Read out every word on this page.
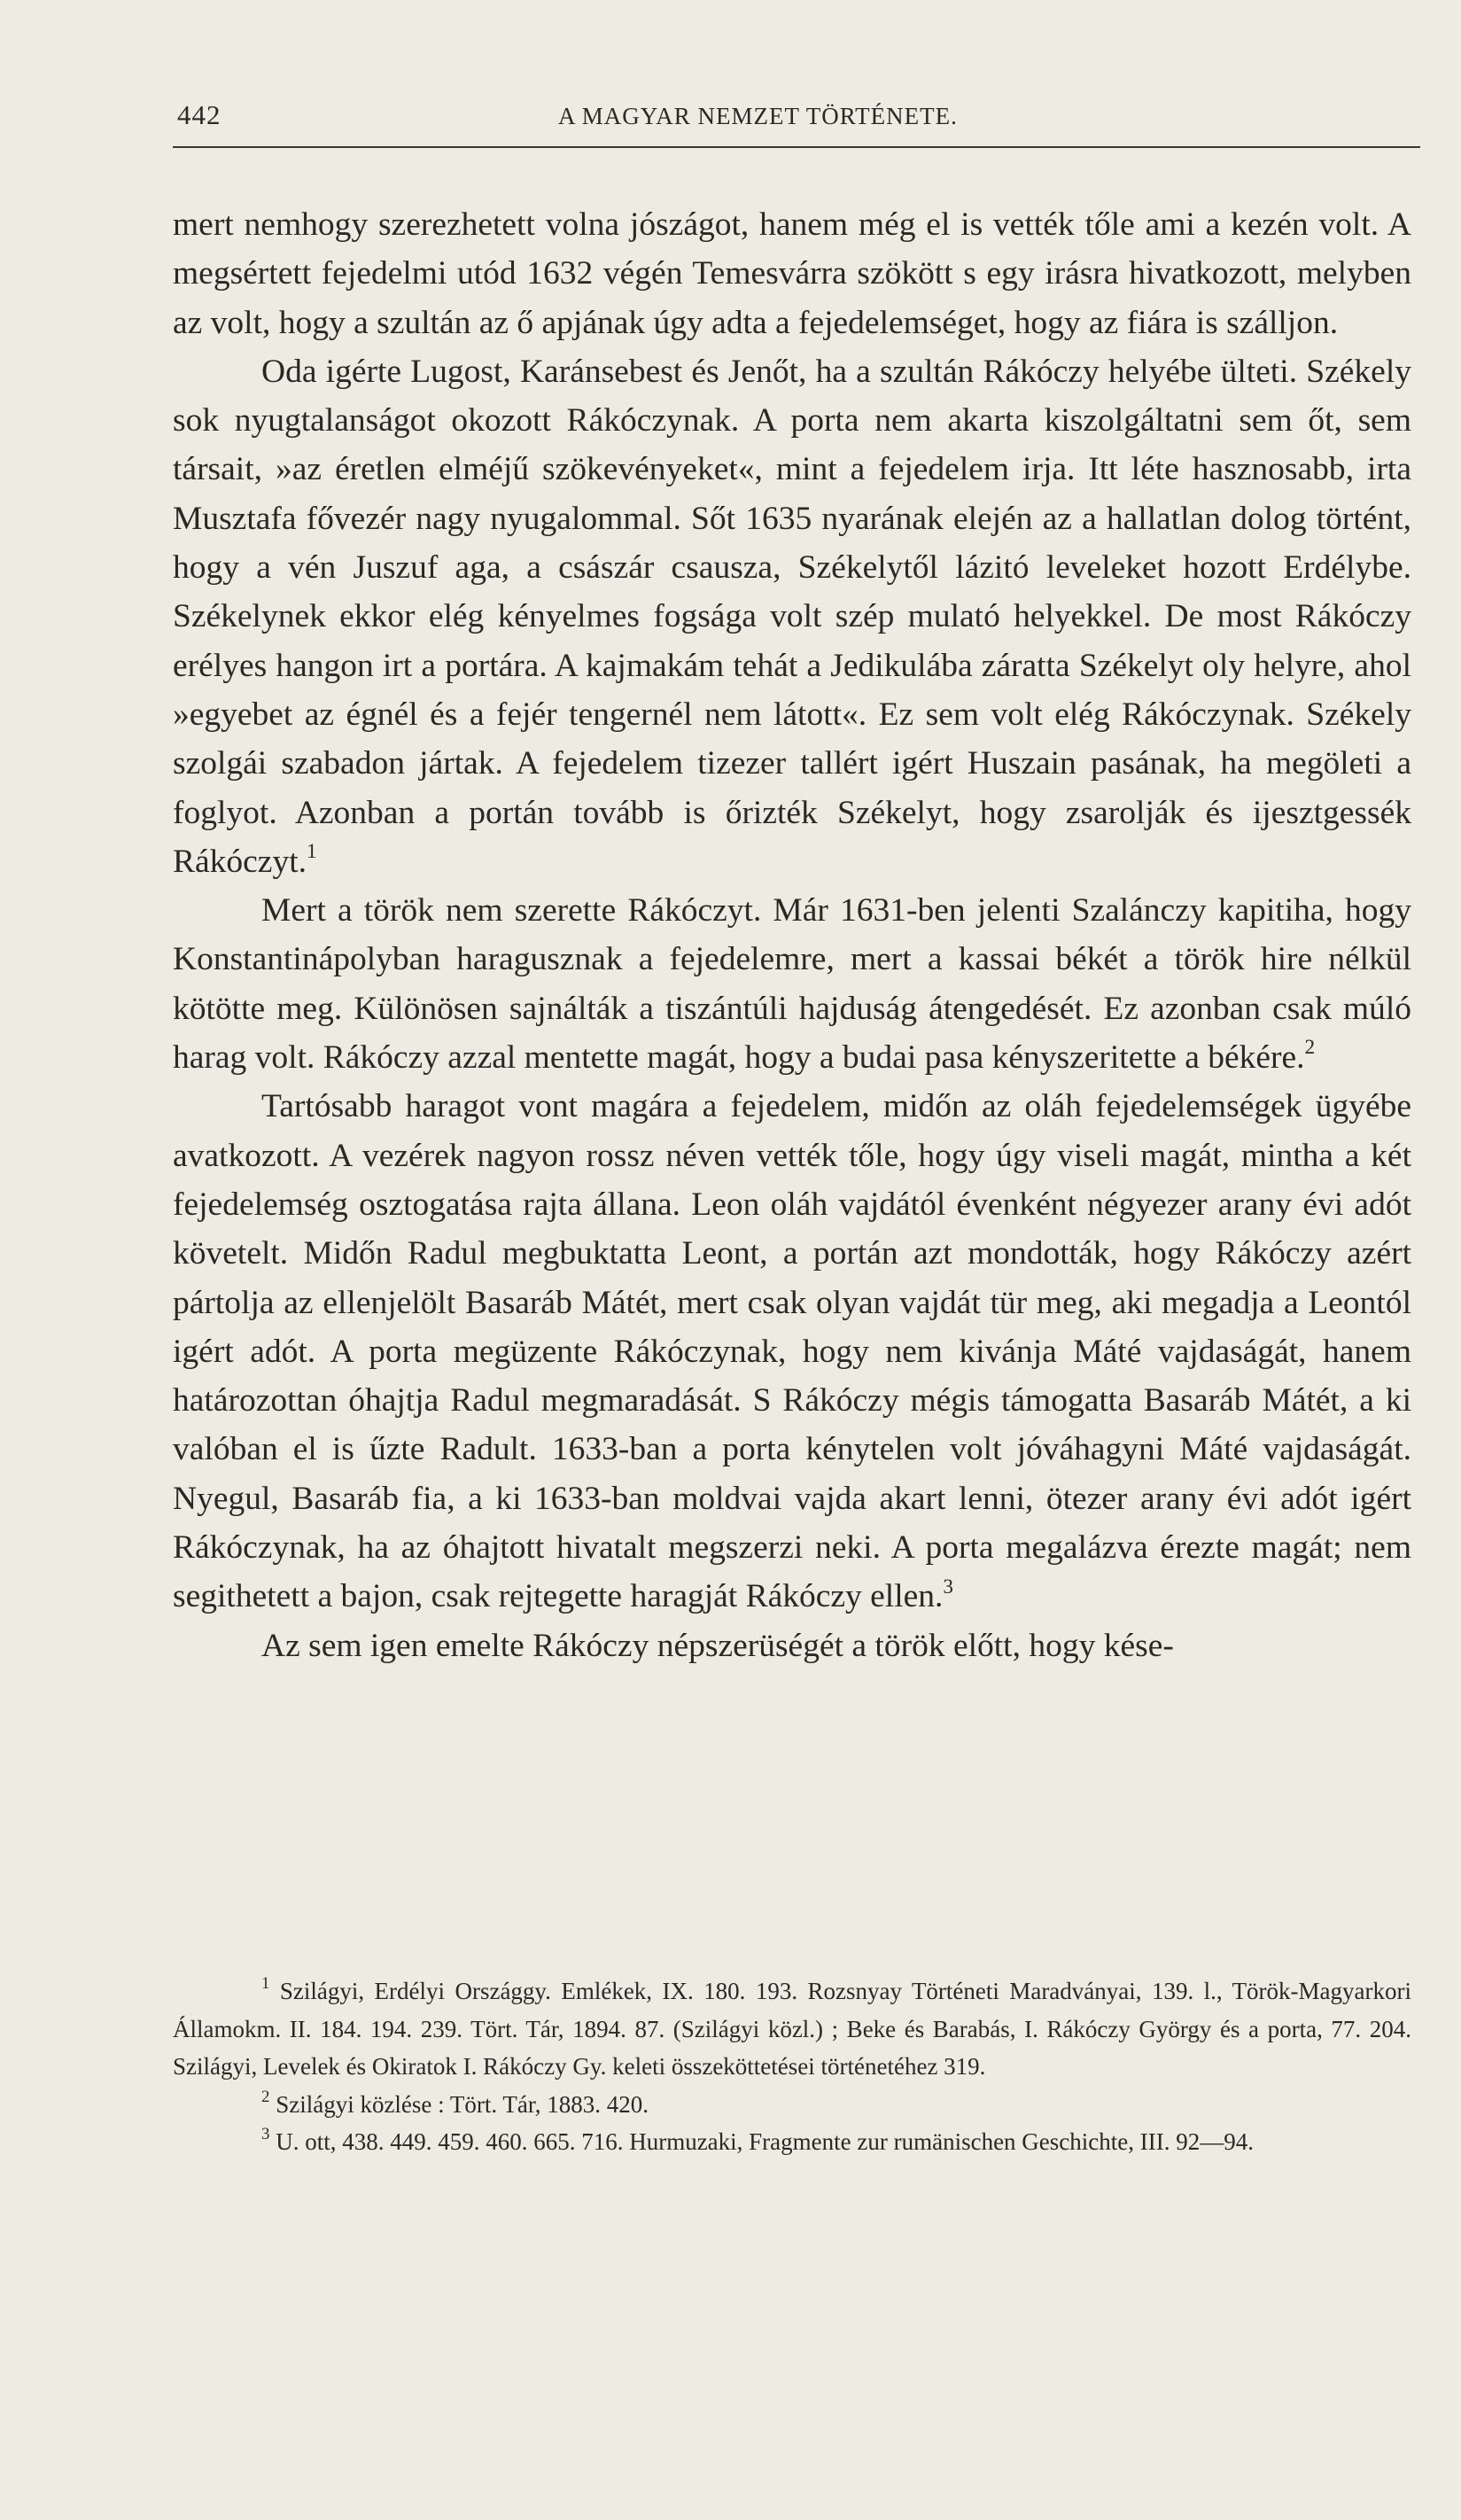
442	A MAGYAR NEMZET TÖRTÉNETE.

mert nemhogy szerezhetett volna jószágot, hanem még el is vették tőle ami a kezén volt. A megsértett fejedelmi utód 1632 végén Temesvárra szökött s egy irásra hivatkozott, melyben az volt, hogy a szultán az ő apjának úgy adta a fejedelemséget, hogy az fiára is szálljon.

Oda igérte Lugost, Karánsebest és Jenőt, ha a szultán Rákóczy helyébe ülteti. Székely sok nyugtalanságot okozott Rákóczynak. A porta nem akarta kiszolgáltatni sem őt, sem társait, »az éretlen elméjű szökevényeket«, mint a fejedelem irja. Itt léte hasznosabb, irta Musztafa fővezér nagy nyugalommal. Sőt 1635 nyarának elején az a hallatlan dolog történt, hogy a vén Juszuf aga, a császár csausza, Székelytől lázitó leveleket hozott Erdélybe. Székelynek ekkor elég kényelmes fogsága volt szép mulató helyekkel. De most Rákóczy erélyes hangon irt a portára. A kajmakám tehát a Jedikulába záratta Székelyt oly helyre, ahol »egyebet az égnél és a fejér tengernél nem látott«. Ez sem volt elég Rákóczynak. Székely szolgái szabadon jártak. A fejedelem tizezer tallért igért Huszain pasának, ha megöleti a foglyot. Azonban a portán tovább is őrizték Székelyt, hogy zsarolják és ijesztgessék Rákóczyt.$^1$

Mert a török nem szerette Rákóczyt. Már 1631-ben jelenti Szalánczy kapitiha, hogy Konstantinápolyban haragusznak a fejedelemre, mert a kassai békét a török hire nélkül kötötte meg. Különösen sajnálták a tiszántúli hajduság átengedését. Ez azonban csak múló harag volt. Rákóczy azzal mentette magát, hogy a budai pasa kényszeritette a békére.$^2$

Tartósabb haragot vont magára a fejedelem, midőn az oláh fejedelemségek ügyébe avatkozott. A vezérek nagyon rossz néven vették tőle, hogy úgy viseli magát, mintha a két fejedelemség osztogatása rajta állana. Leon oláh vajdától évenként négyezer arany évi adót követelt. Midőn Radul megbuktatta Leont, a portán azt mondották, hogy Rákóczy azért pártolja az ellenjelölt Basaráb Mátét, mert csak olyan vajdát tür meg, aki megadja a Leontól igért adót. A porta megüzente Rákóczynak, hogy nem kivánja Máté vajdaságát, hanem határozottan óhajtja Radul megmaradását. S Rákóczy mégis támogatta Basaráb Mátét, a ki valóban el is űzte Radult. 1633-ban a porta kénytelen volt jóváhagyni Máté vajdaságát. Nyegul, Basaráb fia, a ki 1633-ban moldvai vajda akart lenni, ötezer arany évi adót igért Rákóczynak, ha az óhajtott hivatalt megszerzi neki. A porta megalázva érezte magát; nem segithetett a bajon, csak rejtegette haragját Rákóczy ellen.$^3$

Az sem igen emelte Rákóczy népszerüségét a török előtt, hogy kése-

$^1$ Szilágyi, Erdélyi Országgy. Emlékek, IX. 180. 193. Rozsnyay Történeti Maradványai, 139. l., Török-Magyarkori Államokm. II. 184. 194. 239. Tört. Tár, 1894. 87. (Szilágyi közl.) ; Beke és Barabás, I. Rákóczy György és a porta, 77. 204. Szilágyi, Levelek és Okiratok I. Rákóczy Gy. keleti összeköttetései történetéhez 319.

$^2$ Szilágyi közlése : Tört. Tár, 1883. 420.

$^3$ U. ott, 438. 449. 459. 460. 665. 716. Hurmuzaki, Fragmente zur rumänischen Geschichte, III. 92—94.
